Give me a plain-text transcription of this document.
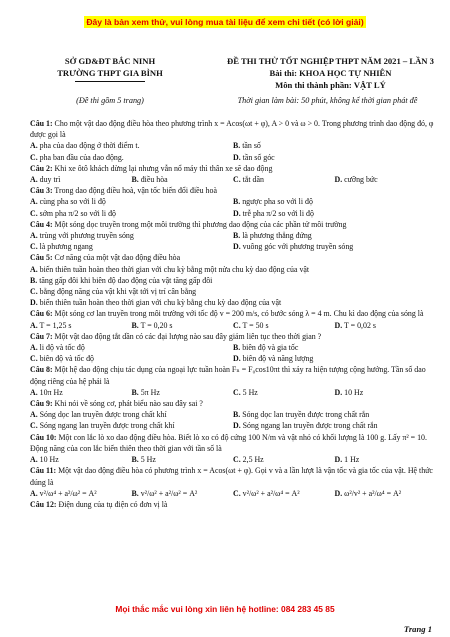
Đây là bản xem thử, vui lòng mua tài liệu để xem chi tiết (có lời giải)
SỞ GD&ĐT BẮC NINH
TRƯỜNG THPT GIA BÌNH
(Đề thi gồm 5 trang)
ĐỀ THI THỬ TỐT NGHIỆP THPT NĂM 2021 – LẦN 3
Bài thi: KHOA HỌC TỰ NHIÊN
Môn thi thành phần: VẬT LÝ
Thời gian làm bài: 50 phút, không kể thời gian phát đề

Câu 1: Cho một vật dao động điều hòa theo phương trình x = Acos(ωt + φ), A > 0 và ω > 0. Trong phương trình dao động đó, φ được gọi là

A. pha của dao động ở thời điểm t.	B. tần số
C. pha ban đầu của dao động.	D. tần số góc

Câu 2: Khi xe ôtô khách dừng lại nhưng vẫn nổ máy thì thân xe sẽ dao động

A. duy trì	B. điều hòa	C. tắt dần	D. cưỡng bức

Câu 3: Trong dao động điều hoà, vận tốc biến đổi điều hoà

A. cùng pha so với li độ	B. ngược pha so với li độ
C. sớm pha π/2 so với li độ	D. trễ pha π/2 so với li độ

Câu 4: Một sóng dọc truyền trong một môi trường thì phương dao động của các phần tử môi trường

A. trùng với phương truyền sóng	B. là phương thẳng đứng
C. là phương ngang	D. vuông góc với phương truyền sóng

Câu 5: Cơ năng của một vật dao động điều hòa

A. biến thiên tuần hoàn theo thời gian với chu kỳ bằng một nửa chu kỳ dao động của vật
B. tăng gấp đôi khi biên độ dao động của vật tăng gấp đôi
C. bằng động năng của vật khi vật tới vị trí cân bằng
D. biến thiên tuần hoàn theo thời gian với chu kỳ bằng chu kỳ dao động của vật

Câu 6: Một sóng cơ lan truyền trong môi trường với tốc độ v = 200 m/s, có bước sóng λ = 4 m. Chu kì dao động của sóng là

A. T = 1,25 s	B. T = 0,20 s	C. T = 50 s	D. T = 0,02 s

Câu 7: Một vật dao động tắt dần có các đại lượng nào sau đây giảm liên tục theo thời gian ?

A. li độ và tốc độ	B. biên độ và gia tốc
C. biên độ và tốc độ	D. biên độ và năng lượng

Câu 8: Một hệ dao động chịu tác dụng của ngoại lực tuần hoàn Fₙ = F₀cos10πt thì xảy ra hiện tượng cộng hưởng. Tần số dao động riêng của hệ phải là

A. 10π Hz	B. 5π Hz	C. 5 Hz	D. 10 Hz

Câu 9: Khi nói về sóng cơ, phát biểu nào sau đây sai ?

A. Sóng dọc lan truyền được trong chất khí	B. Sóng dọc lan truyền được trong chất rắn
C. Sóng ngang lan truyền được trong chất khí	D. Sóng ngang lan truyền được trong chất rắn

Câu 10: Một con lắc lò xo dao động điều hòa. Biết lò xo có độ cứng 100 N/m và vật nhỏ có khối lượng là 100 g. Lấy π² = 10. Động năng của con lắc biến thiên theo thời gian với tần số là

A. 10 Hz	B. 5 Hz	C. 2,5 Hz	D. 1 Hz

Câu 11: Một vật dao động điều hòa có phương trình x = Acos(ωt + φ). Gọi v và a lần lượt là vận tốc và gia tốc của vật. Hệ thức đúng là

A. v²/ω⁴ + a²/ω² = A²	B. v²/ω² + a²/ω² = A²	C. v²/ω² + a²/ω⁴ = A²	D. ω²/v² + a²/ω⁴ = A²

Câu 12: Điện dung của tụ điện có đơn vị là

Mọi thắc mắc vui lòng xin liên hệ hotline: 084 283 45 85
Trang 1
